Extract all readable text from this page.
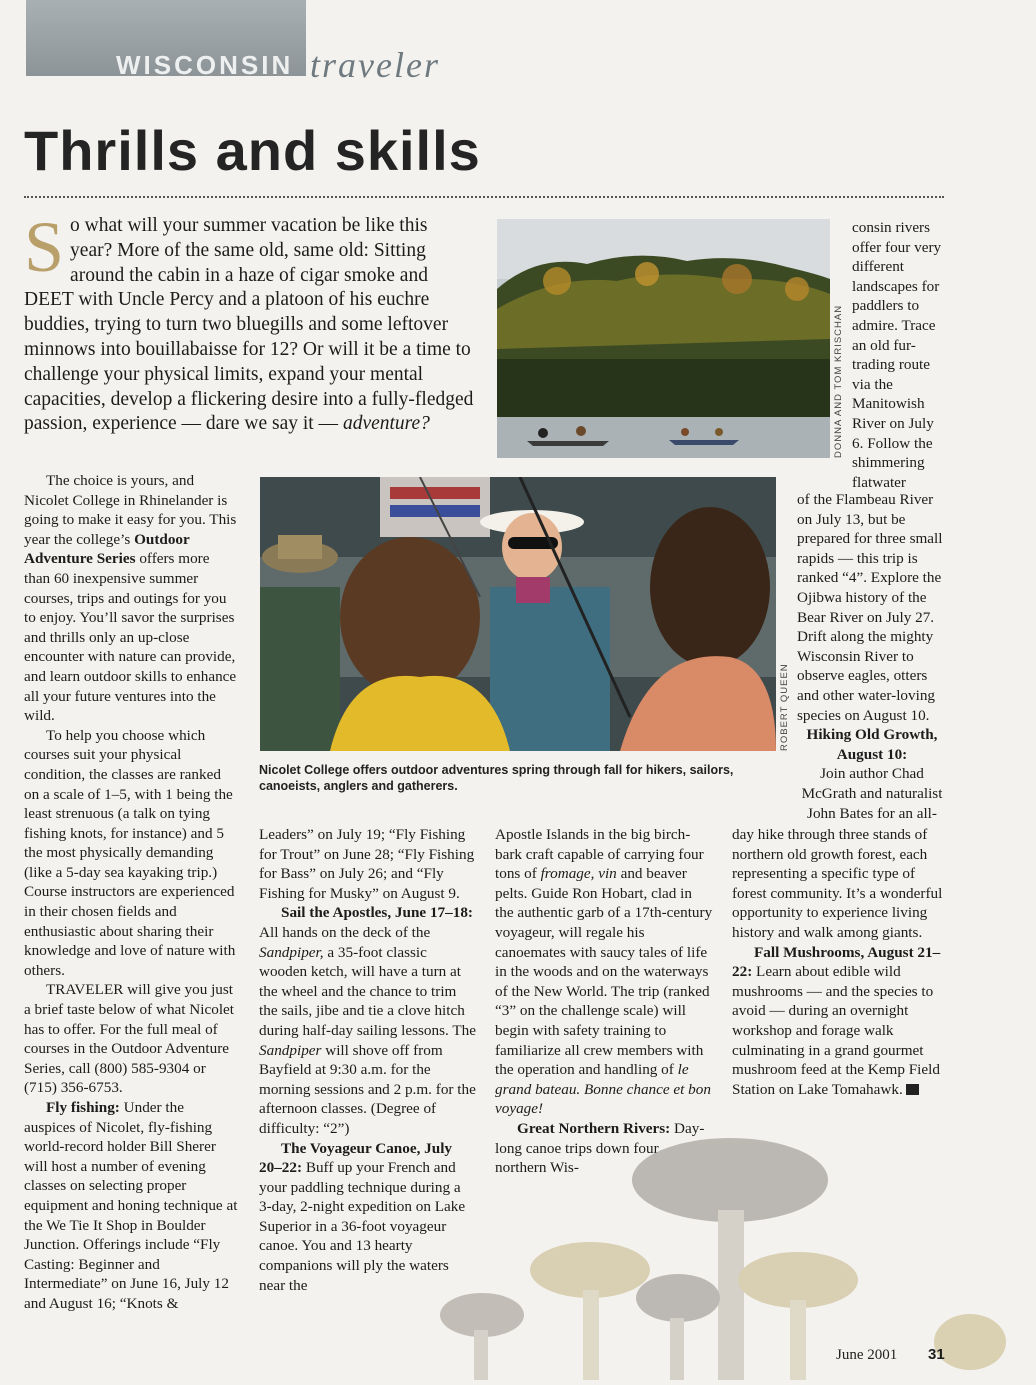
WISCONSIN traveler
Thrills and skills

So what will your summer vacation be like this year? More of the same old, same old: Sitting around the cabin in a haze of cigar smoke and DEET with Uncle Percy and a platoon of his euchre buddies, trying to turn two bluegills and some leftover minnows into bouillabaisse for 12? Or will it be a time to challenge your physical limits, expand your mental capacities, develop a flickering desire into a fully-fledged passion, experience — dare we say it — adventure?	DONNA AND TOM KRISCHAN
ROBERT QUEEN
Nicolet College offers outdoor adventures spring through fall for hikers, sailors, canoeists, anglers and gatherers.

The choice is yours, and Nicolet College in Rhinelander is going to make it easy for you. This year the college’s Outdoor Adventure Series offers more than 60 inexpensive summer courses, trips and outings for you to enjoy. You’ll savor the surprises and thrills only an up-close encounter with nature can provide, and learn outdoor skills to enhance all your future ventures into the wild.

To help you choose which courses suit your physical condition, the classes are ranked on a scale of 1–5, with 1 being the least strenuous (a talk on tying fishing knots, for instance) and 5 the most physically demanding (like a 5-day sea kayaking trip.) Course instructors are experienced in their chosen fields and enthusiastic about sharing their knowledge and love of nature with others.

TRAVELER will give you just a brief taste below of what Nicolet has to offer. For the full meal of courses in the Outdoor Adventure Series, call (800) 585-9304 or (715) 356-6753.

Fly fishing: Under the auspices of Nicolet, fly-fishing world-record holder Bill Sherer will host a number of evening classes on selecting proper equipment and honing technique at the We Tie It Shop in Boulder Junction. Offerings include “Fly Casting: Beginner and Intermediate” on June 16, July 12 and August 16; “Knots &

Leaders” on July 19; “Fly Fishing for Trout” on June 28; “Fly Fishing for Bass” on July 26; and “Fly Fishing for Musky” on August 9.

Sail the Apostles, June 17–18: All hands on the deck of the Sandpiper, a 35-foot classic wooden ketch, will have a turn at the wheel and the chance to trim the sails, jibe and tie a clove hitch during half-day sailing lessons. The Sandpiper will shove off from Bayfield at 9:30 a.m. for the morning sessions and 2 p.m. for the afternoon classes. (Degree of difficulty: “2”)

The Voyageur Canoe, July 20–22: Buff up your French and your paddling technique during a 3-day, 2-night expedition on Lake Superior in a 36-foot voyageur canoe. You and 13 hearty companions will ply the waters near the

Apostle Islands in the big birch-bark craft capable of carrying four tons of fromage, vin and beaver pelts. Guide Ron Hobart, clad in the authentic garb of a 17th-century voyageur, will regale his canoemates with saucy tales of life in the woods and on the waterways of the New World. The trip (ranked “3” on the challenge scale) will begin with safety training to familiarize all crew members with the operation and handling of le grand bateau. Bonne chance et bon voyage!

Great Northern Rivers: Day-long canoe trips down four northern Wis-

consin rivers offer four very different landscapes for paddlers to admire. Trace an old fur-trading route via the Manitowish River on July 6. Follow the shimmering flatwater

of the Flambeau River on July 13, but be prepared for three small rapids — this trip is ranked “4”. Explore the Ojibwa history of the Bear River on July 27. Drift along the mighty Wisconsin River to observe eagles, otters and other water-loving species on August 10.

Hiking Old Growth, August 10:

Join author Chad McGrath and naturalist John Bates for an all-

day hike through three stands of northern old growth forest, each representing a specific type of forest community. It’s a wonderful opportunity to experience living history and walk among giants.

Fall Mushrooms, August 21–22: Learn about edible wild mushrooms — and the species to avoid — during an overnight workshop and forage walk culminating in a grand gourmet mushroom feed at the Kemp Field Station on Lake Tomahawk.

June 2001 31
